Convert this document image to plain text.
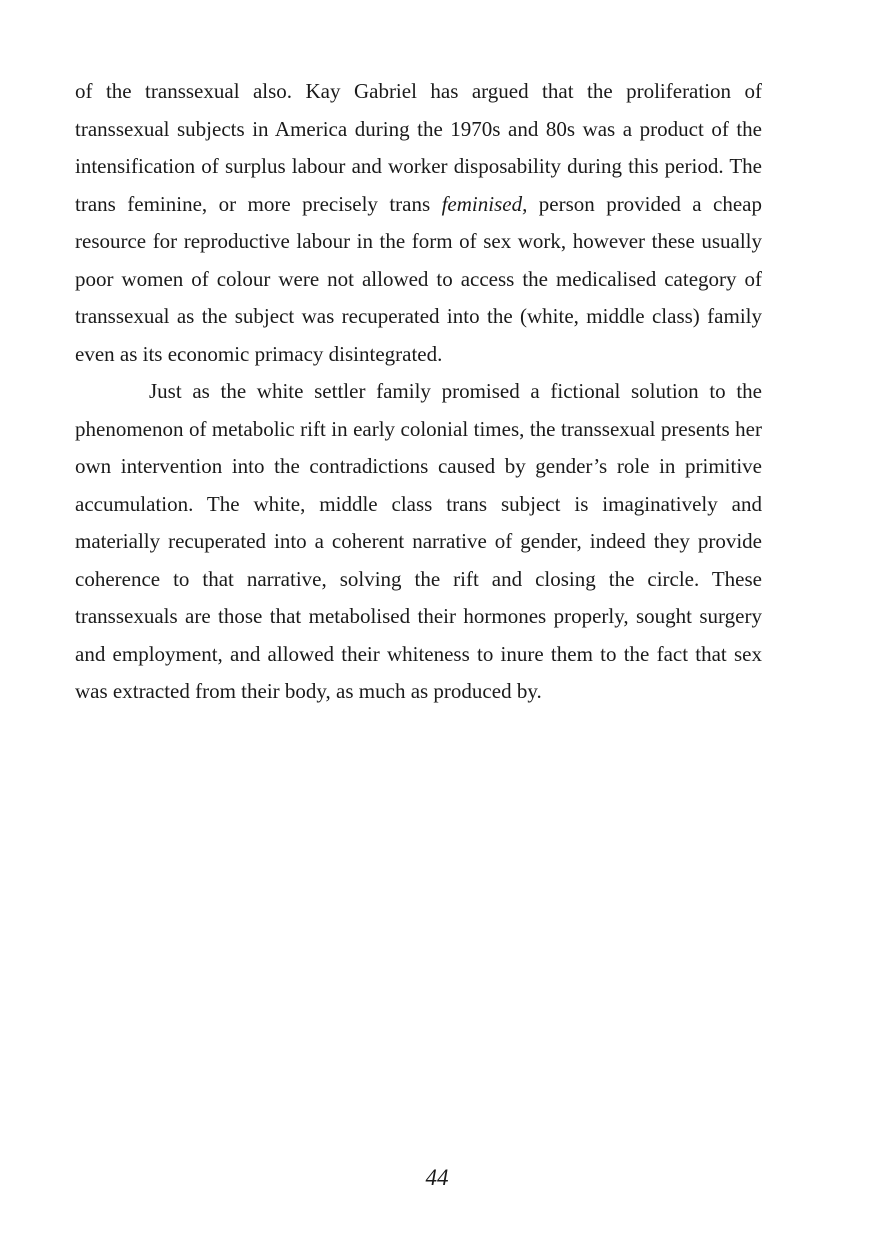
of the transsexual also. Kay Gabriel has argued that the proliferation of transsexual subjects in America during the 1970s and 80s was a product of the intensification of surplus labour and worker disposability during this period. The trans feminine, or more precisely trans feminised, person provided a cheap resource for reproductive labour in the form of sex work, however these usually poor women of colour were not allowed to access the medicalised category of transsexual as the subject was recuperated into the (white, middle class) family even as its economic primacy disintegrated.

Just as the white settler family promised a fictional solution to the phenomenon of metabolic rift in early colonial times, the transsexual presents her own intervention into the contradictions caused by gender’s role in primitive accumulation. The white, middle class trans subject is imaginatively and materially recuperated into a coherent narrative of gender, indeed they provide coherence to that narrative, solving the rift and closing the circle. These transsexuals are those that metabolised their hormones properly, sought surgery and employment, and allowed their whiteness to inure them to the fact that sex was extracted from their body, as much as produced by.

44
